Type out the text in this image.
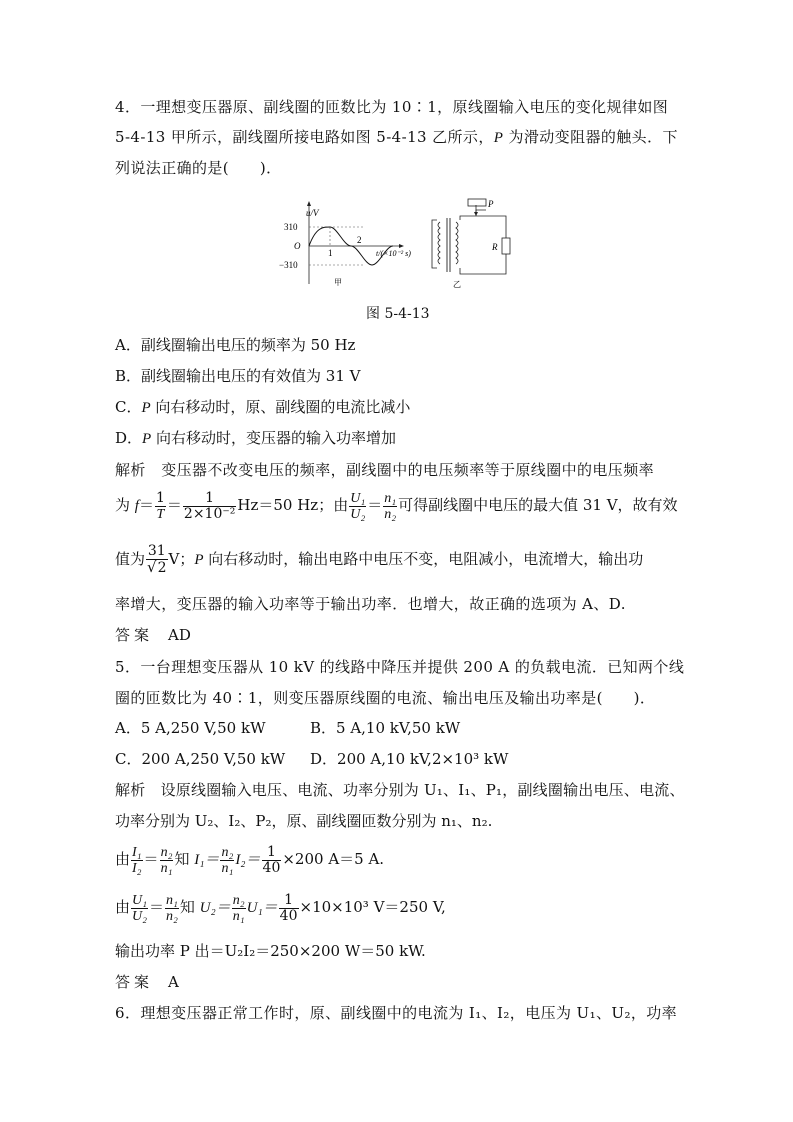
4．一理想变压器原、副线圈的匝数比为 10∶1，原线圈输入电压的变化规律如图
5-4-13 甲所示，副线圈所接电路如图 5-4-13 乙所示，P 为滑动变阻器的触头．下
列说法正确的是(　　)．
u/V
310
O
−310
1
2
t/(×10⁻² s)
甲
P
R
乙
图 5-4-13
A．副线圈输出电压的频率为 50 Hz
B．副线圈输出电压的有效值为 31 V
C．P 向右移动时，原、副线圈的电流比减小
D．P 向右移动时，变压器的输入功率增加
解析　变压器不改变电压的频率，副线圈中的电压频率等于原线圈中的电压频率
为 $f= \frac{1}{T} = \frac{1}{\text{2×10⁻²}} Hz=50$ Hz；由 $\frac{\text{U₁}}{\text{U₂}} = \frac{\text{n₁}}{\text{n₂}}$ 可得副线圈中电压的最大值 31 V，故有效
值为 $\frac{31}{√2}$ V；P 向右移动时，输出电路中电压不变，电阻减小，电流增大，输出功
率增大，变压器的输入功率等于输出功率．也增大，故正确的选项为 A、D.
答案　 AD
5．一台理想变压器从 10 kV 的线路中降压并提供 200 A 的负载电流．已知两个线
圈的匝数比为 40∶1，则变压器原线圈的电流、输出电压及输出功率是(　　)．
A．5 A,250 V,50 kW	B．5 A,10 kV,50 kW
C．200 A,250 V,50 kW D．200 A,10 kV,2×10³ kW
解析　设原线圈输入电压、电流、功率分别为 U₁、I₁、P₁，副线圈输出电压、电流、
功率分别为 U₂、I₂、P₂，原、副线圈匝数分别为 n₁、n₂.
由 $\frac{\text{I₁}}{\text{I₂}} = \frac{\text{n₂}}{\text{n₁}}$ 知 $I_1= \frac{\text{n₂}}{\text{n₁}} I_2= \frac{1}{40} \times 200$ A＝5 A.
由 $\frac{\text{U₁}}{\text{U₂}} = \frac{\text{n₁}}{\text{n₂}}$ 知 $U_2= \frac{\text{n₂}}{\text{n₁}} U_1= \frac{1}{40} \times 10\times 10^3$ V＝250 V,
输出功率 P 出＝U₂I₂＝250×200 W＝50 kW.
答案　 A
6．理想变压器正常工作时，原、副线圈中的电流为 I₁、I₂，电压为 U₁、U₂，功率
